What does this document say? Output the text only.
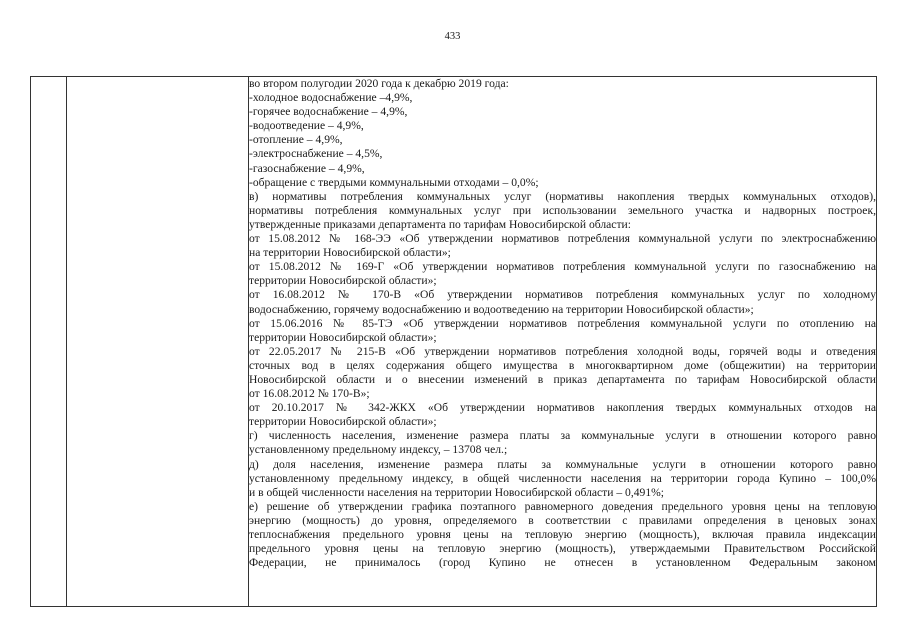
433

во втором полугодии 2020 года к декабрю 2019 года:
-холодное водоснабжение –4,9%,
-горячее водоснабжение – 4,9%,
-водоотведение – 4,9%,
-отопление – 4,9%,
-электроснабжение – 4,5%,
-газоснабжение – 4,9%,
-обращение с твердыми коммунальными отходами – 0,0%;
в) нормативы потребления коммунальных услуг (нормативы накопления твердых коммунальных отходов),
нормативы потребления коммунальных услуг при использовании земельного участка и надворных построек,
утвержденные приказами департамента по тарифам Новосибирской области:
от 15.08.2012 № 168-ЭЭ «Об утверждении нормативов потребления коммунальной услуги по электроснабжению
на территории Новосибирской области»;
от 15.08.2012 № 169-Г «Об утверждении нормативов потребления коммунальной услуги по газоснабжению на
территории Новосибирской области»;
от 16.08.2012 № 170-В «Об утверждении нормативов потребления коммунальных услуг по холодному
водоснабжению, горячему водоснабжению и водоотведению на территории Новосибирской области»;
от 15.06.2016 № 85-ТЭ «Об утверждении нормативов потребления коммунальной услуги по отоплению на
территории Новосибирской области»;
от 22.05.2017 № 215-В «Об утверждении нормативов потребления холодной воды, горячей воды и отведения
сточных вод в целях содержания общего имущества в многоквартирном доме (общежитии) на территории
Новосибирской области и о внесении изменений в приказ департамента по тарифам Новосибирской области
от 16.08.2012 № 170-В»;
от 20.10.2017 № 342-ЖКХ «Об утверждении нормативов накопления твердых коммунальных отходов на
территории Новосибирской области»;
г) численность населения, изменение размера платы за коммунальные услуги в отношении которого равно
установленному предельному индексу, – 13708 чел.;
д) доля населения, изменение размера платы за коммунальные услуги в отношении которого равно
установленному предельному индексу, в общей численности населения на территории города Купино – 100,0%
и в общей численности населения на территории Новосибирской области – 0,491%;
е) решение об утверждении графика поэтапного равномерного доведения предельного уровня цены на тепловую
энергию (мощность) до уровня, определяемого в соответствии с правилами определения в ценовых зонах
теплоснабжения предельного уровня цены на тепловую энергию (мощность), включая правила индексации
предельного уровня цены на тепловую энергию (мощность), утверждаемыми Правительством Российской
Федерации, не принималось (город Купино не отнесен в установленном Федеральным законом
